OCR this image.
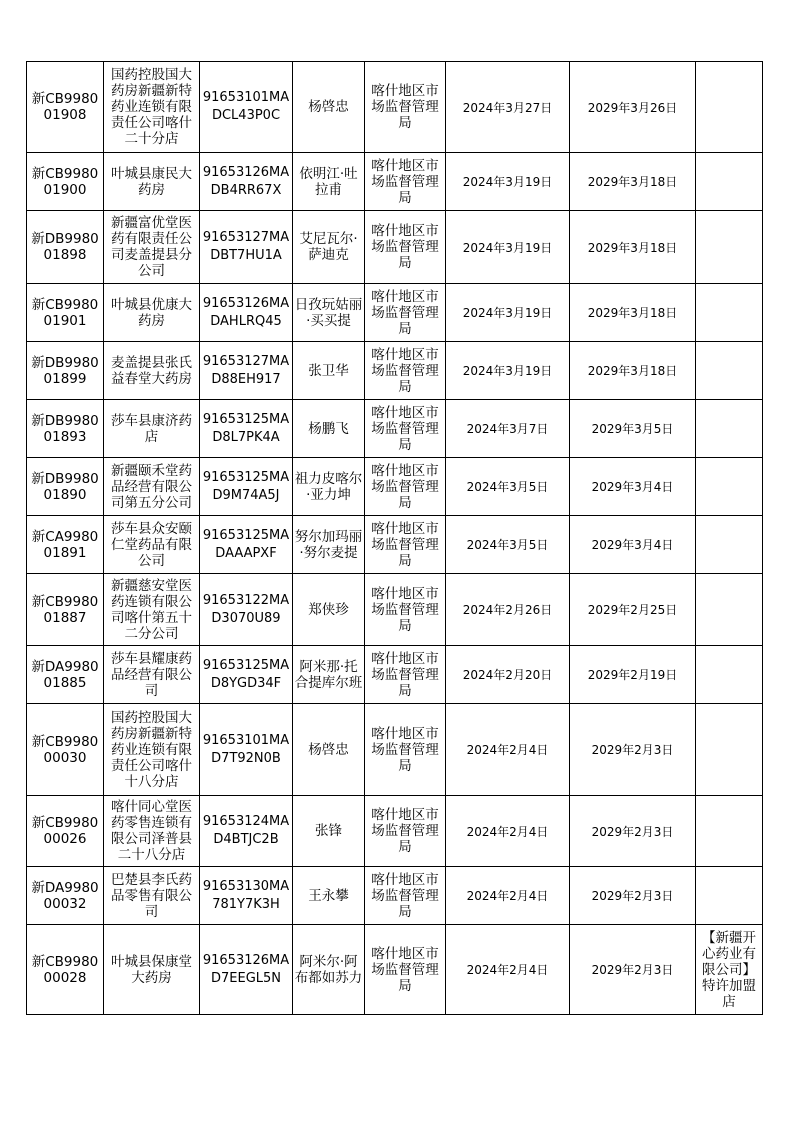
新CB998001908	国药控股国大药房新疆新特药业连锁有限责任公司喀什二十分店	91653101MADCL43P0C	杨啓忠	喀什地区市场监督管理局	2024年3月27日	2029年3月26日	
新CB998001900	叶城县康民大药房	91653126MADB4RR67X	依明江·吐拉甫	喀什地区市场监督管理局	2024年3月19日	2029年3月18日	
新DB998001898	新疆富优堂医药有限责任公司麦盖提县分公司	91653127MADBT7HU1A	艾尼瓦尔·萨迪克	喀什地区市场监督管理局	2024年3月19日	2029年3月18日	
新CB998001901	叶城县优康大药房	91653126MADAHLRQ45	日孜玩姑丽·买买提	喀什地区市场监督管理局	2024年3月19日	2029年3月18日	
新DB998001899	麦盖提县张氏益春堂大药房	91653127MAD88EH917	张卫华	喀什地区市场监督管理局	2024年3月19日	2029年3月18日	
新DB998001893	莎车县康济药店	91653125MAD8L7PK4A	杨鹏飞	喀什地区市场监督管理局	2024年3月7日	2029年3月5日	
新DB998001890	新疆颐禾堂药品经营有限公司第五分公司	91653125MAD9M74A5J	祖力皮喀尔·亚力坤	喀什地区市场监督管理局	2024年3月5日	2029年3月4日	
新CA998001891	莎车县众安颐仁堂药品有限公司	91653125MADAAAPXF	努尔加玛丽·努尔麦提	喀什地区市场监督管理局	2024年3月5日	2029年3月4日	
新CB998001887	新疆慈安堂医药连锁有限公司喀什第五十二分公司	91653122MAD3070U89	郑侠珍	喀什地区市场监督管理局	2024年2月26日	2029年2月25日	
新DA998001885	莎车县耀康药品经营有限公司	91653125MAD8YGD34F	阿米那·托合提库尔班	喀什地区市场监督管理局	2024年2月20日	2029年2月19日	
新CB998000030	国药控股国大药房新疆新特药业连锁有限责任公司喀什十八分店	91653101MAD7T92N0B	杨啓忠	喀什地区市场监督管理局	2024年2月4日	2029年2月3日	
新CB998000026	喀什同心堂医药零售连锁有限公司泽普县二十八分店	91653124MAD4BTJC2B	张锋	喀什地区市场监督管理局	2024年2月4日	2029年2月3日	
新DA998000032	巴楚县李氏药品零售有限公司	91653130MA781Y7K3H	王永攀	喀什地区市场监督管理局	2024年2月4日	2029年2月3日	
新CB998000028	叶城县保康堂大药房	91653126MAD7EEGL5N	阿米尔·阿布都如苏力	喀什地区市场监督管理局	2024年2月4日	2029年2月3日	【新疆开心药业有限公司】特许加盟店
